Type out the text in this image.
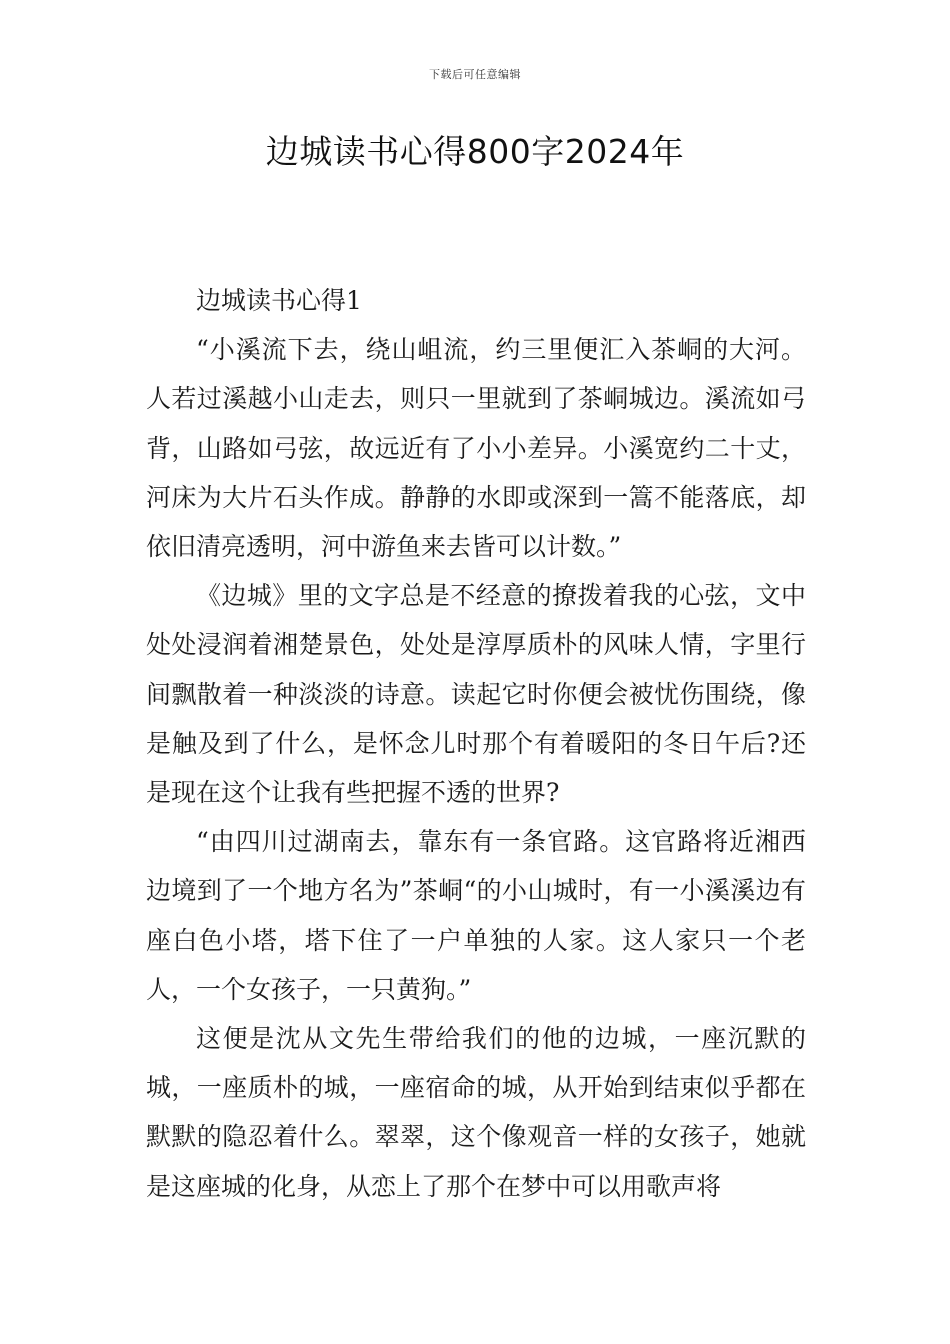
下载后可任意编辑
边城读书心得800字2024年

边城读书心得1

“小溪流下去，绕山岨流，约三里便汇入茶峒的大河。人若过溪越小山走去，则只一里就到了茶峒城边。溪流如弓背，山路如弓弦，故远近有了小小差异。小溪宽约二十丈，河床为大片石头作成。静静的水即或深到一篙不能落底，却依旧清亮透明，河中游鱼来去皆可以计数。”

《边城》里的文字总是不经意的撩拨着我的心弦，文中处处浸润着湘楚景色，处处是淳厚质朴的风味人情，字里行间飘散着一种淡淡的诗意。读起它时你便会被忧伤围绕，像是触及到了什么，是怀念儿时那个有着暖阳的冬日午后?还是现在这个让我有些把握不透的世界?

“由四川过湖南去，靠东有一条官路。这官路将近湘西边境到了一个地方名为”茶峒“的小山城时，有一小溪溪边有座白色小塔，塔下住了一户单独的人家。这人家只一个老人，一个女孩子，一只黄狗。”

这便是沈从文先生带给我们的他的边城，一座沉默的城，一座质朴的城，一座宿命的城，从开始到结束似乎都在默默的隐忍着什么。翠翠，这个像观音一样的女孩子，她就是这座城的化身，从恋上了那个在梦中可以用歌声将
